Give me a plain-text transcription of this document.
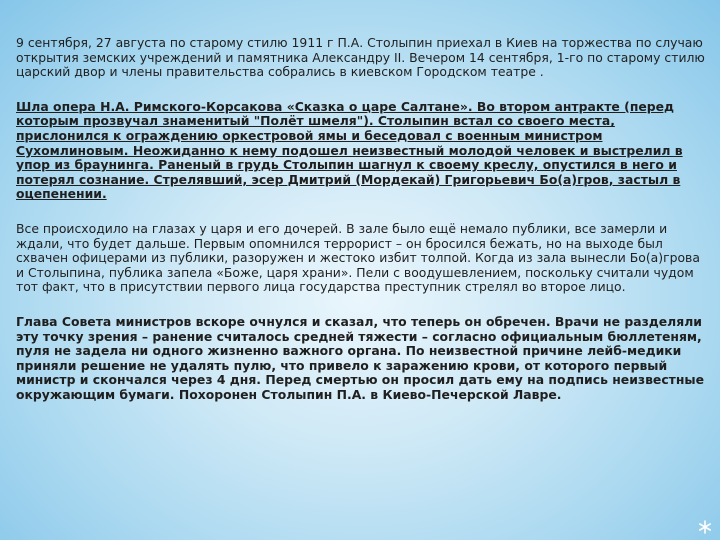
9 сентября, 27 августа по старому стилю 1911 г П.А. Столыпин приехал в Киев на торжества по случаю открытия земских учреждений и памятника Александру II. Вечером 14 сентября, 1-го по старому стилю царский двор и члены правительства собрались в киевском Городском театре .

Шла опера Н.А. Римского-Корсакова «Сказка о царе Салтане». Во втором антракте (перед которым прозвучал знаменитый "Полёт шмеля"). Столыпин встал со своего места, прислонился к ограждению оркестровой ямы и беседовал с военным министром Сухомлиновым. Неожиданно к нему подошел неизвестный молодой человек и выстрелил в упор из браунинга. Раненый в грудь Столыпин шагнул к своему креслу, опустился в него и потерял сознание. Стрелявший, эсер Дмитрий (Мордекай) Григорьевич Бо(а)гров, застыл в оцепенении.

Все происходило на глазах у царя и его дочерей. В зале было ещё немало публики, все замерли и ждали, что будет дальше. Первым опомнился террорист – он бросился бежать, но на выходе был схвачен офицерами из публики, разоружен и жестоко избит толпой. Когда из зала вынесли Бо(а)грова и Столыпина, публика запела «Боже, царя храни». Пели с воодушевлением, поскольку считали чудом тот факт, что в присутствии первого лица государства преступник стрелял во второе лицо.

Глава Совета министров вскоре очнулся и сказал, что теперь он обречен. Врачи не разделяли эту точку зрения – ранение считалось средней тяжести – согласно официальным бюллетеням, пуля не задела ни одного жизненно важного органа. По неизвестной причине лейб-медики приняли решение не удалять пулю, что привело к заражению крови, от которого первый министр и скончался через 4 дня. Перед смертью он просил дать ему на подпись неизвестные окружающим бумаги. Похоронен Столыпин П.А. в Киево-Печерской Лавре.
